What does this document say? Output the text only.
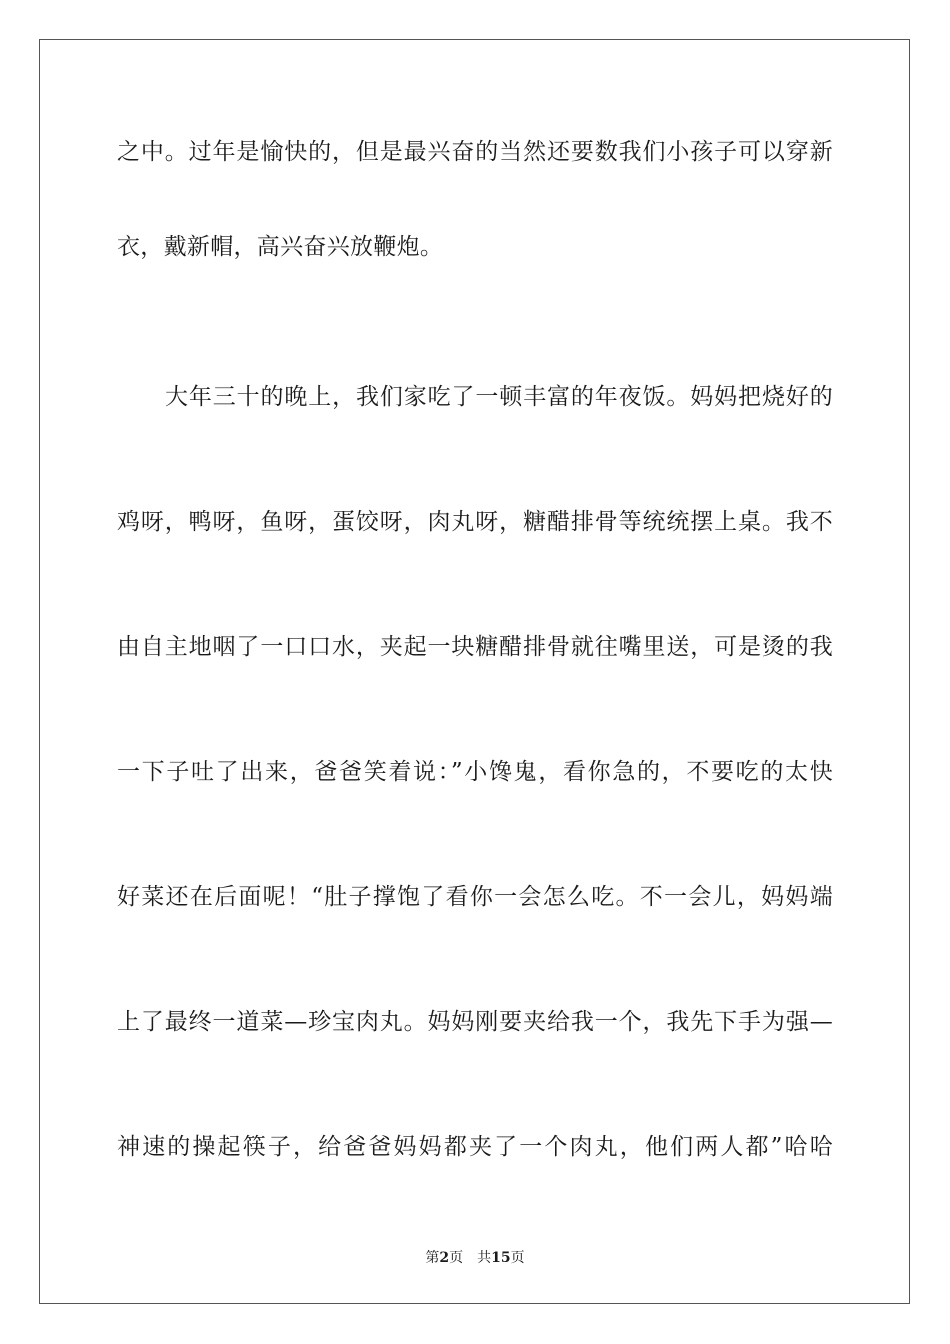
之中。过年是愉快的，但是最兴奋的当然还要数我们小孩子可以穿新
衣，戴新帽，高兴奋兴放鞭炮。
大年三十的晚上，我们家吃了一顿丰富的年夜饭。妈妈把烧好的
鸡呀，鸭呀，鱼呀，蛋饺呀，肉丸呀，糖醋排骨等统统摆上桌。我不
由自主地咽了一口口水，夹起一块糖醋排骨就往嘴里送，可是烫的我
一下子吐了出来，爸爸笑着说：”小馋鬼，看你急的，不要吃的太快
好菜还在后面呢！“肚子撑饱了看你一会怎么吃。不一会儿，妈妈端
上了最终一道菜—珍宝肉丸。妈妈刚要夹给我一个，我先下手为强—
神速的操起筷子，给爸爸妈妈都夹了一个肉丸，他们两人都”哈哈
第2页 共15页
